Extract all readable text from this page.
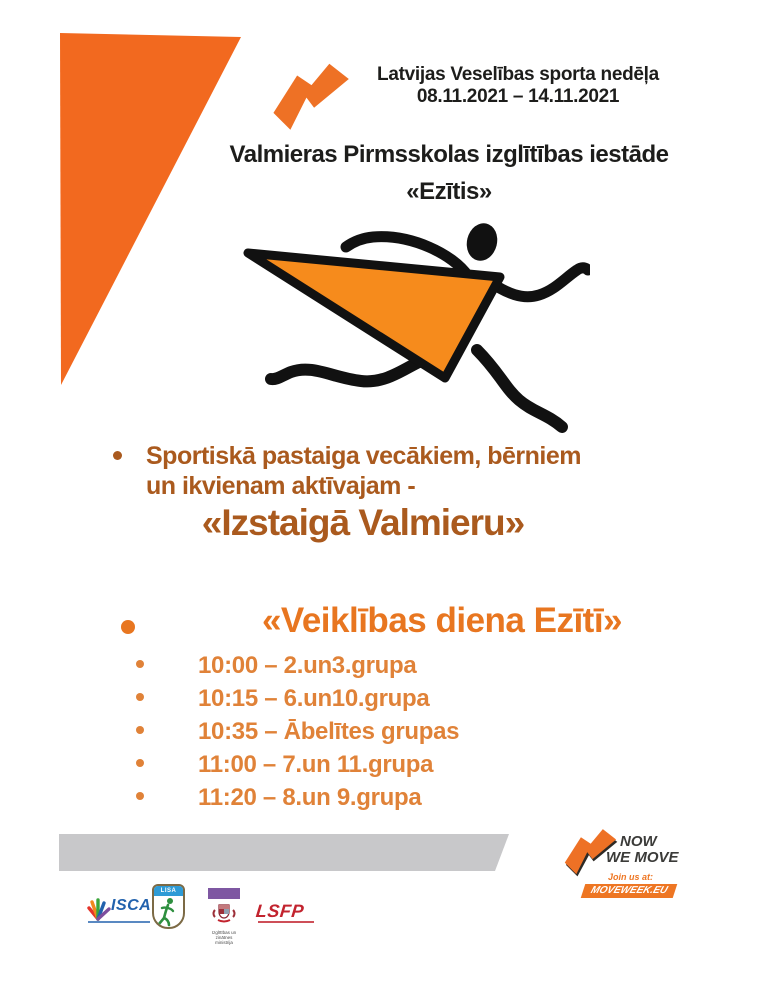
Latvijas Veselības sporta nedēļa
08.11.2021 – 14.11.2021
Valmieras Pirmsskolas izglītības iestāde
«Ezītis»
Sportiskā pastaiga vecākiem, bērniem
un ikvienam aktīvajam -
«Izstaigā Valmieru»
«Veiklības diena Ezītī»
10:00 – 2.un3.grupa
10:15 – 6.un10.grupa
10:35 – Ābelītes grupas
11:00 – 7.un 11.grupa
11:20 – 8.un 9.grupa
NOW
WE MOVE
Join us at:
MOVEWEEK.EU
ISCA
LISA
Izglītības un zinātnes
ministrija
LSFP
